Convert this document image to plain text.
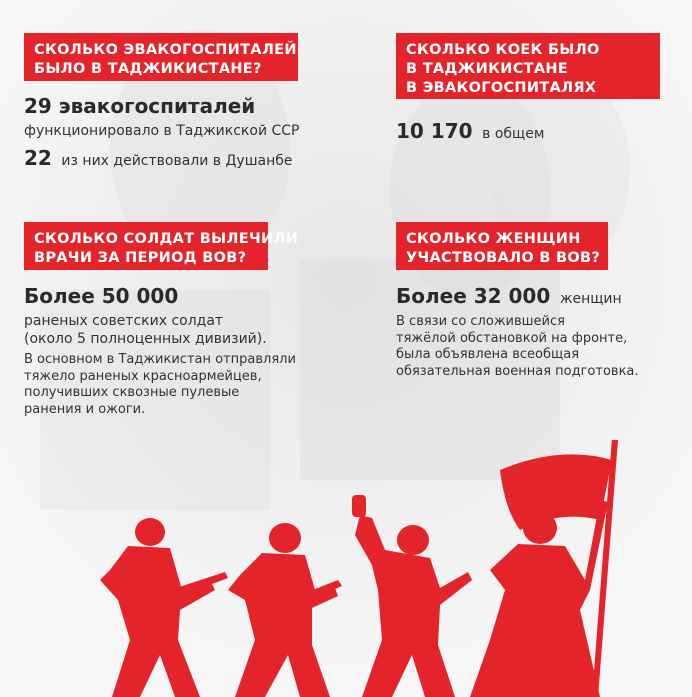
СКОЛЬКО ЭВАКОГОСПИТАЛЕЙ
БЫЛО В ТАДЖИКИСТАНЕ?
29 эвакогоспиталей
функционировало в Таджикской ССР
22 из них действовали в Душанбе
СКОЛЬКО КОЕК БЫЛО
В ТАДЖИКИСТАНЕ
В ЭВАКОГОСПИТАЛЯХ
10 170 в общем
СКОЛЬКО СОЛДАТ ВЫЛЕЧИЛИ
ВРАЧИ ЗА ПЕРИОД ВОВ?
Более 50 000
раненых советских солдат
(около 5 полноценных дивизий).
В основном в Таджикистан отправляли
тяжело раненых красноармейцев,
получивших сквозные пулевые
ранения и ожоги.
СКОЛЬКО ЖЕНЩИН
УЧАСТВОВАЛО В ВОВ?
Более 32 000 женщин
В связи со сложившейся
тяжёлой обстановкой на фронте,
была объявлена всеобщая
обязательная военная подготовка.
